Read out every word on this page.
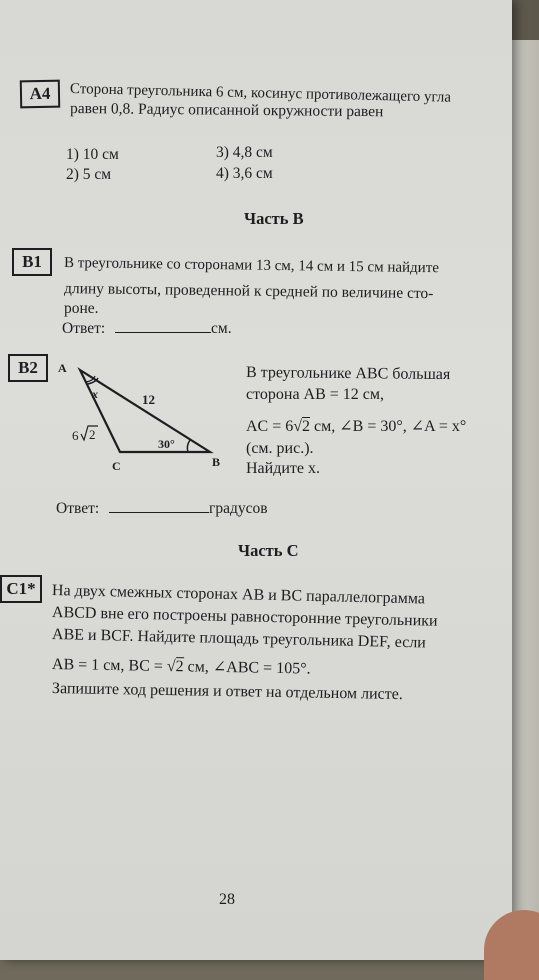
A4	Сторона треугольника 6 см, косинус противолежащего угла
равен 0,8. Радиус описанной окружности равен
1) 10 см
2) 5 см
3) 4,8 см
4) 3,6 см
Часть B
B1	В треугольнике со сторонами 13 см, 14 см и 15 см найдите
длину высоты, проведенной к средней по величине сто-
роне.
Ответ:	см.
B2	A
B
C
x	12
6 2
30°
В треугольнике ABC большая
сторона AB = 12 см,
AC = 6√2 см, ∠B = 30°, ∠A = x°
(см. рис.).
Найдите x.
Ответ:	градусов
Часть C
C1*	На двух смежных сторонах AB и BC параллелограмма
ABCD вне его построены равносторонние треугольники
ABE и BCF. Найдите площадь треугольника DEF, если
AB = 1 см, BC = √2 см, ∠ABC = 105°.
Запишите ход решения и ответ на отдельном листе.
28
